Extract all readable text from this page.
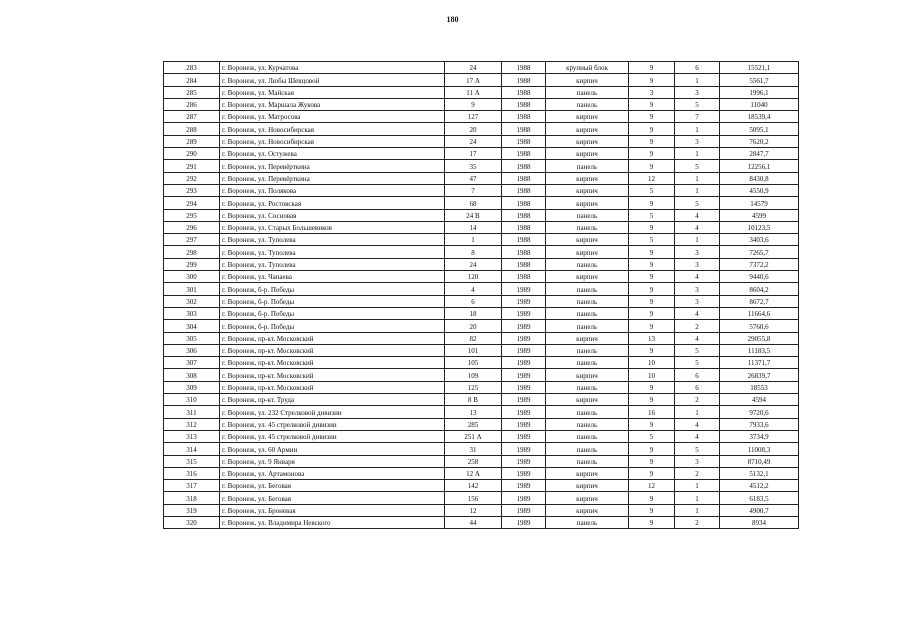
180
283	г. Воронеж, ул. Курчатова	24	1988	крупный блок	9	6	15521,1
284	г. Воронеж, ул. Любы Шевцовой	17 А	1988	кирпич	9	1	5561,7
285	г. Воронеж, ул. Майская	11 А	1988	панель	3	3	1996,1
286	г. Воронеж, ул. Маршала Жукова	9	1988	панель	9	5	11040
287	г. Воронеж, ул. Матросова	127	1988	кирпич	9	7	18539,4
288	г. Воронеж, ул. Новосибирская	20	1988	кирпич	9	1	5095,1
289	г. Воронеж, ул. Новосибирская	24	1988	кирпич	9	3	7620,2
290	г. Воронеж, ул. Остужева	17	1988	кирпич	9	1	2847,7
291	г. Воронеж, ул. Перевёрткина	35	1988	панель	9	5	12256,1
292	г. Воронеж, ул. Перевёрткина	47	1988	кирпич	12	1	8430,8
293	г. Воронеж, ул. Полякова	7	1988	кирпич	5	1	4550,9
294	г. Воронеж, ул. Ростовская	68	1988	кирпич	9	5	14579
295	г. Воронеж, ул. Сосновая	24 В	1988	панель	5	4	4599
296	г. Воронеж, ул. Старых Большевиков	14	1988	панель	9	4	10123,5
297	г. Воронеж, ул. Туполева	1	1988	кирпич	5	1	3403,6
298	г. Воронеж, ул. Туполева	8	1988	кирпич	9	3	7265,7
299	г. Воронеж, ул. Туполева	24	1988	панель	9	3	7372,2
300	г. Воронеж, ул. Чапаева	120	1988	кирпич	9	4	9440,6
301	г. Воронеж, б-р. Победы	4	1989	панель	9	3	8604,2
302	г. Воронеж, б-р. Победы	6	1989	панель	9	3	8672,7
303	г. Воронеж, б-р. Победы	18	1989	панель	9	4	11664,6
304	г. Воронеж, б-р. Победы	20	1989	панель	9	2	5760,6
305	г. Воронеж, пр-кт. Московский	82	1989	кирпич	13	4	29055,8
306	г. Воронеж, пр-кт. Московский	101	1989	панель	9	5	11183,5
307	г. Воронеж, пр-кт. Московский	105	1989	панель	10	5	11371,7
308	г. Воронеж, пр-кт. Московский	109	1989	кирпич	10	6	26839,7
309	г. Воронеж, пр-кт. Московский	125	1989	панель	9	6	18553
310	г. Воронеж, пр-кт. Труда	8 В	1989	кирпич	9	2	4594
311	г. Воронеж, ул. 232 Стрелковой дивизии	13	1989	панель	16	1	9720,6
312	г. Воронеж, ул. 45 стрелковой дивизии	285	1989	панель	9	4	7933,6
313	г. Воронеж, ул. 45 стрелковой дивизии	251 А	1989	панель	5	4	3734,9
314	г. Воронеж, ул. 60 Армии	31	1989	панель	9	5	11008,3
315	г. Воронеж, ул. 9 Января	258	1989	панель	9	3	8710,49
316	г. Воронеж, ул. Артамонова	12 А	1989	кирпич	9	2	5132,1
317	г. Воронеж, ул. Беговая	142	1989	кирпич	12	1	4512,2
318	г. Воронеж, ул. Беговая	156	1989	кирпич	9	1	6183,5
319	г. Воронеж, ул. Броневая	12	1989	кирпич	9	1	4900,7
320	г. Воронеж, ул. Владимира Невского	44	1989	панель	9	2	8934
